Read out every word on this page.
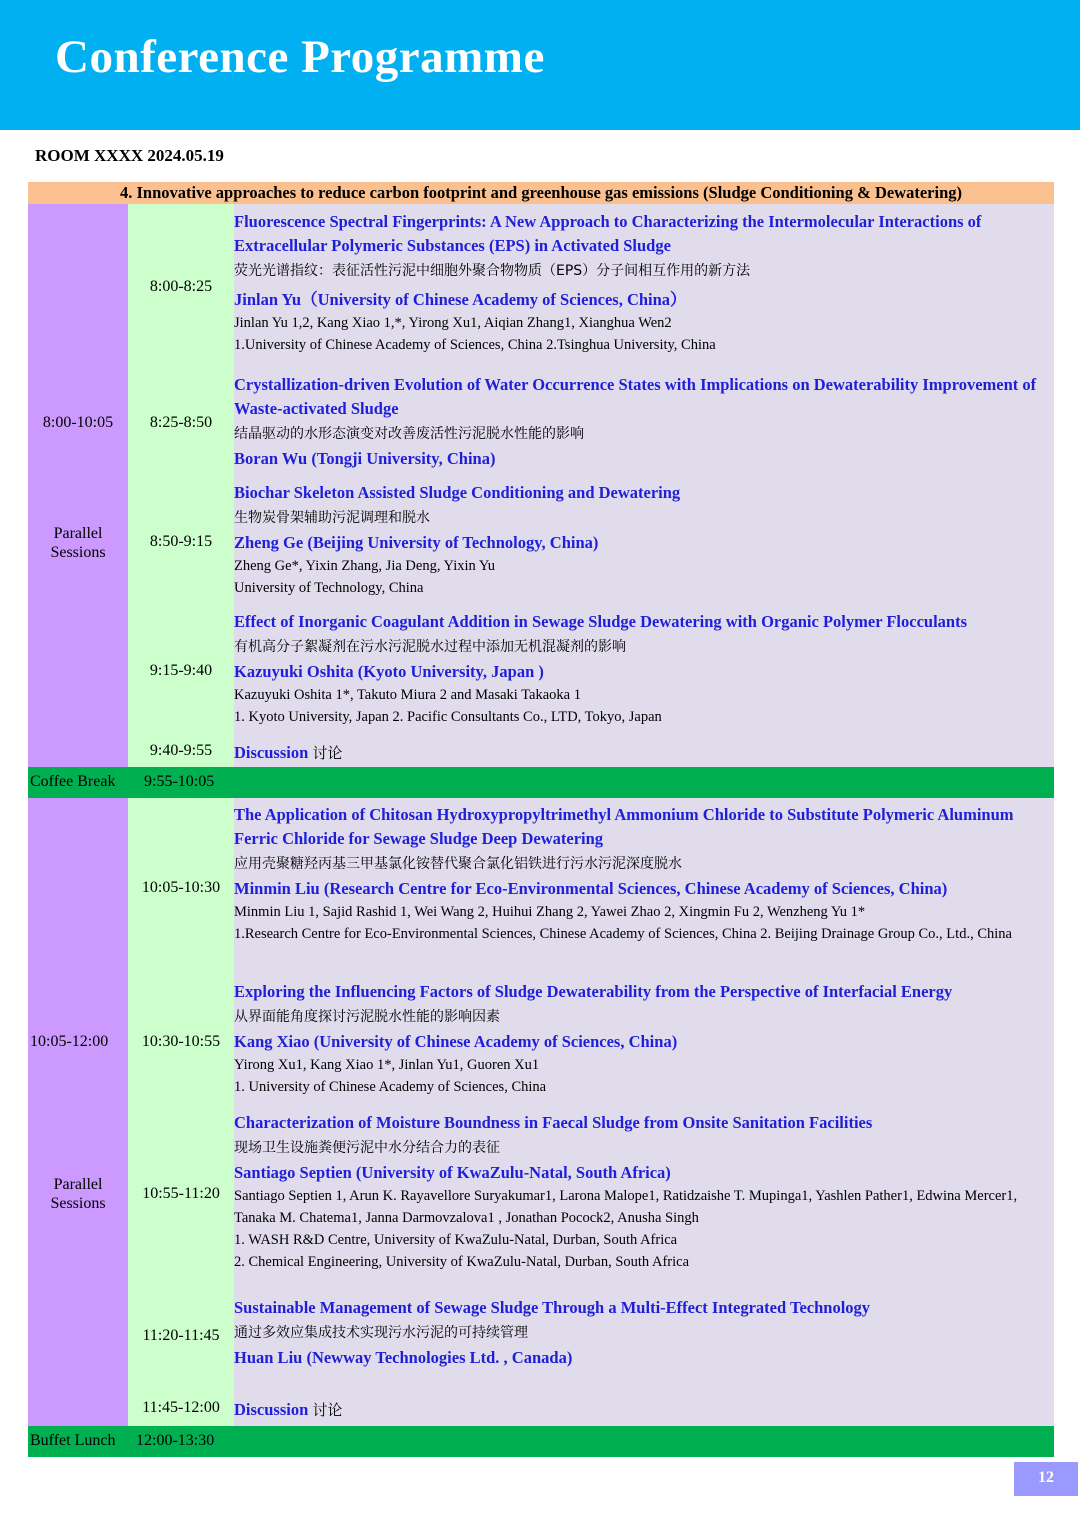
Conference Programme
ROOM XXXX 2024.05.19
4. Innovative approaches to reduce carbon footprint and greenhouse gas emissions (Sludge Conditioning & Dewatering)
8:00-10:05
Parallel Sessions
8:00-8:25
8:25-8:50
8:50-9:15
9:15-9:40
9:40-9:55
Fluorescence Spectral Fingerprints: A New Approach to Characterizing the Intermolecular Interactions of Extracellular Polymeric Substances (EPS) in Activated Sludge
荧光光谱指纹：表征活性污泥中细胞外聚合物物质（EPS）分子间相互作用的新方法
Jinlan Yu（University of Chinese Academy of Sciences, China）
Jinlan Yu 1,2, Kang Xiao 1,*, Yirong Xu1, Aiqian Zhang1, Xianghua Wen2
1.University of Chinese Academy of Sciences, China 2.Tsinghua University, China
Crystallization-driven Evolution of Water Occurrence States with Implications on Dewaterability Improvement of Waste-activated Sludge
结晶驱动的水形态演变对改善废活性污泥脱水性能的影响
Boran Wu (Tongji University, China)
Biochar Skeleton Assisted Sludge Conditioning and Dewatering
生物炭骨架辅助污泥调理和脱水
Zheng Ge (Beijing University of Technology, China)
Zheng Ge*, Yixin Zhang, Jia Deng, Yixin Yu
University of Technology, China
Effect of Inorganic Coagulant Addition in Sewage Sludge Dewatering with Organic Polymer Flocculants
有机高分子絮凝剂在污水污泥脱水过程中添加无机混凝剂的影响
Kazuyuki Oshita (Kyoto University, Japan )
Kazuyuki Oshita 1*, Takuto Miura 2 and Masaki Takaoka 1
1. Kyoto University, Japan 2. Pacific Consultants Co., LTD, Tokyo, Japan
Discussion 讨论
Coffee Break 9:55-10:05
10:05-10:30
10:30-10:55
10:55-11:20
11:20-11:45
11:45-12:00
10:05-12:00
Parallel Sessions
The Application of Chitosan Hydroxypropyltrimethyl Ammonium Chloride to Substitute Polymeric Aluminum Ferric Chloride for Sewage Sludge Deep Dewatering
应用壳聚糖羟丙基三甲基氯化铵替代聚合氯化铝铁进行污水污泥深度脱水
Minmin Liu (Research Centre for Eco-Environmental Sciences, Chinese Academy of Sciences, China)
Minmin Liu 1, Sajid Rashid 1, Wei Wang 2, Huihui Zhang 2, Yawei Zhao 2, Xingmin Fu 2, Wenzheng Yu 1*
1.Research Centre for Eco-Environmental Sciences, Chinese Academy of Sciences, China 2. Beijing Drainage Group Co., Ltd., China
Exploring the Influencing Factors of Sludge Dewaterability from the Perspective of Interfacial Energy
从界面能角度探讨污泥脱水性能的影响因素
Kang Xiao (University of Chinese Academy of Sciences, China)
Yirong Xu1, Kang Xiao 1*, Jinlan Yu1, Guoren Xu1
1. University of Chinese Academy of Sciences, China
Characterization of Moisture Boundness in Faecal Sludge from Onsite Sanitation Facilities
现场卫生设施粪便污泥中水分结合力的表征
Santiago Septien (University of KwaZulu-Natal, South Africa)
Santiago Septien 1, Arun K. Rayavellore Suryakumar1, Larona Malope1, Ratidzaishe T. Mupinga1, Yashlen Pather1, Edwina Mercer1, Tanaka M. Chatema1, Janna Darmovzalova1 , Jonathan Pocock2, Anusha Singh
1. WASH R&D Centre, University of KwaZulu-Natal, Durban, South Africa
2. Chemical Engineering, University of KwaZulu-Natal, Durban, South Africa
Sustainable Management of Sewage Sludge Through a Multi-Effect Integrated Technology
通过多效应集成技术实现污水污泥的可持续管理
Huan Liu (Newway Technologies Ltd. , Canada)
Discussion 讨论
Buffet Lunch 12:00-13:30
12
